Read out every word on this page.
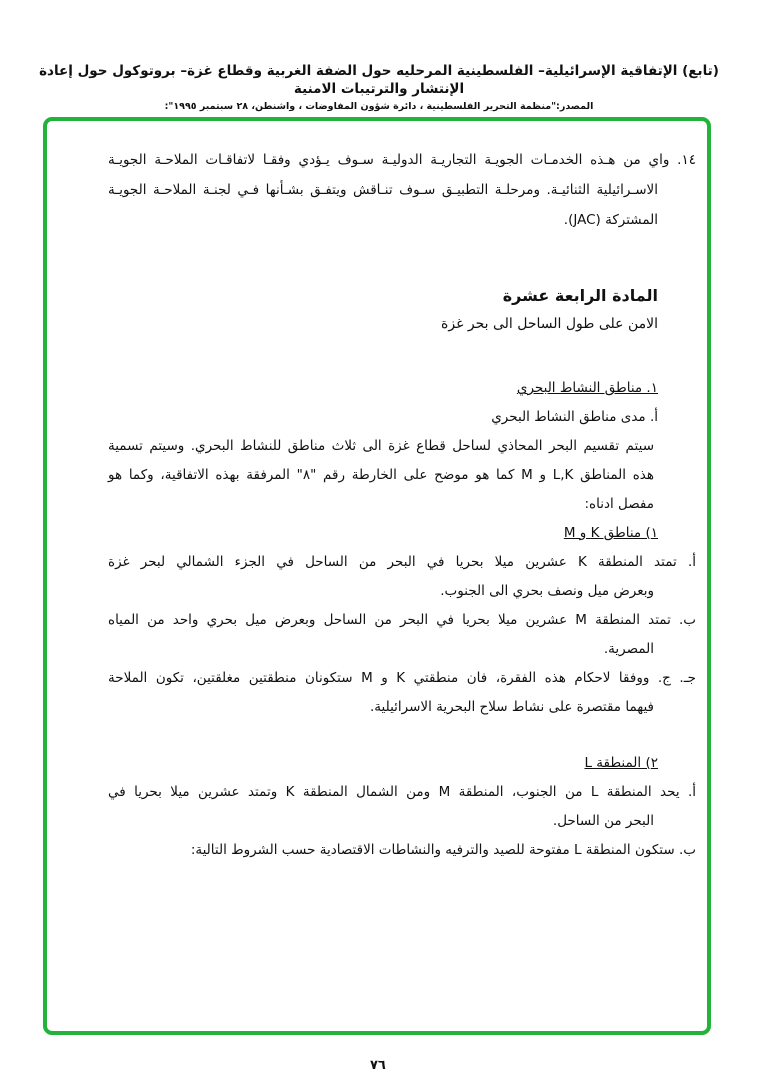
(تابع) الإتفاقية الإسرائيلية– الفلسطينية المرحليه حول الضفة الغربية وقطاع غزة– بروتوكول حول إعادة الإنتشار والترتيبات الامنية
المصدر:"منظمة التحرير الفلسطينية ، دائرة شؤون المفاوضات ، واشنطن، ٢٨ سبتمبر ١٩٩٥":
١٤. واي من هـذه الخدمـات الجويـة التجاريـة الدوليـة سـوف يـؤدي وفقـا لاتفاقـات الملاحـة الجويـة
الاسـرائيلية الثنائيـة. ومرحلـة التطبيـق سـوف تنـاقش ويتفـق بشـأنها فـي لجنـة الملاحـة الجويـة
المشتركة (JAC).
المادة الرابعة عشرة
الامن على طول الساحل الى بحر غزة
١. مناطق النشاط البحري
أ. مدى مناطق النشاط البحري
سيتم تقسيم البحر المحاذي لساحل قطاع غزة الى ثلاث مناطق للنشاط البحري. وسيتم تسمية
هذه المناطق L,K و M كما هو موضح على الخارطة رقم "٨" المرفقة بهذه الاتفاقية، وكما هو
مفصل ادناه:
١) مناطق K و M
أ. تمتد المنطقة K عشرين ميلا بحريا في البحر من الساحل في الجزء الشمالي لبحر غزة
وبعرض ميل ونصف بحري الى الجنوب.
ب. تمتد المنطقة M عشرين ميلا بحريا في البحر من الساحل وبعرض ميل بحري واحد من المياه
المصرية.
جـ. ج. ووفقا لاحكام هذه الفقرة، فان منطقتي K و M ستكونان منطقتين مغلقتين، تكون الملاحة
فيهما مقتصرة على نشاط سلاح البحرية الاسرائيلية.
٢) المنطقة L
أ. يحد المنطقة L من الجنوب، المنطقة M ومن الشمال المنطقة K وتمتد عشرين ميلا بحريا في
البحر من الساحل.
ب. ستكون المنطقة L مفتوحة للصيد والترفيه والنشاطات الاقتصادية حسب الشروط التالية:
٧٦
